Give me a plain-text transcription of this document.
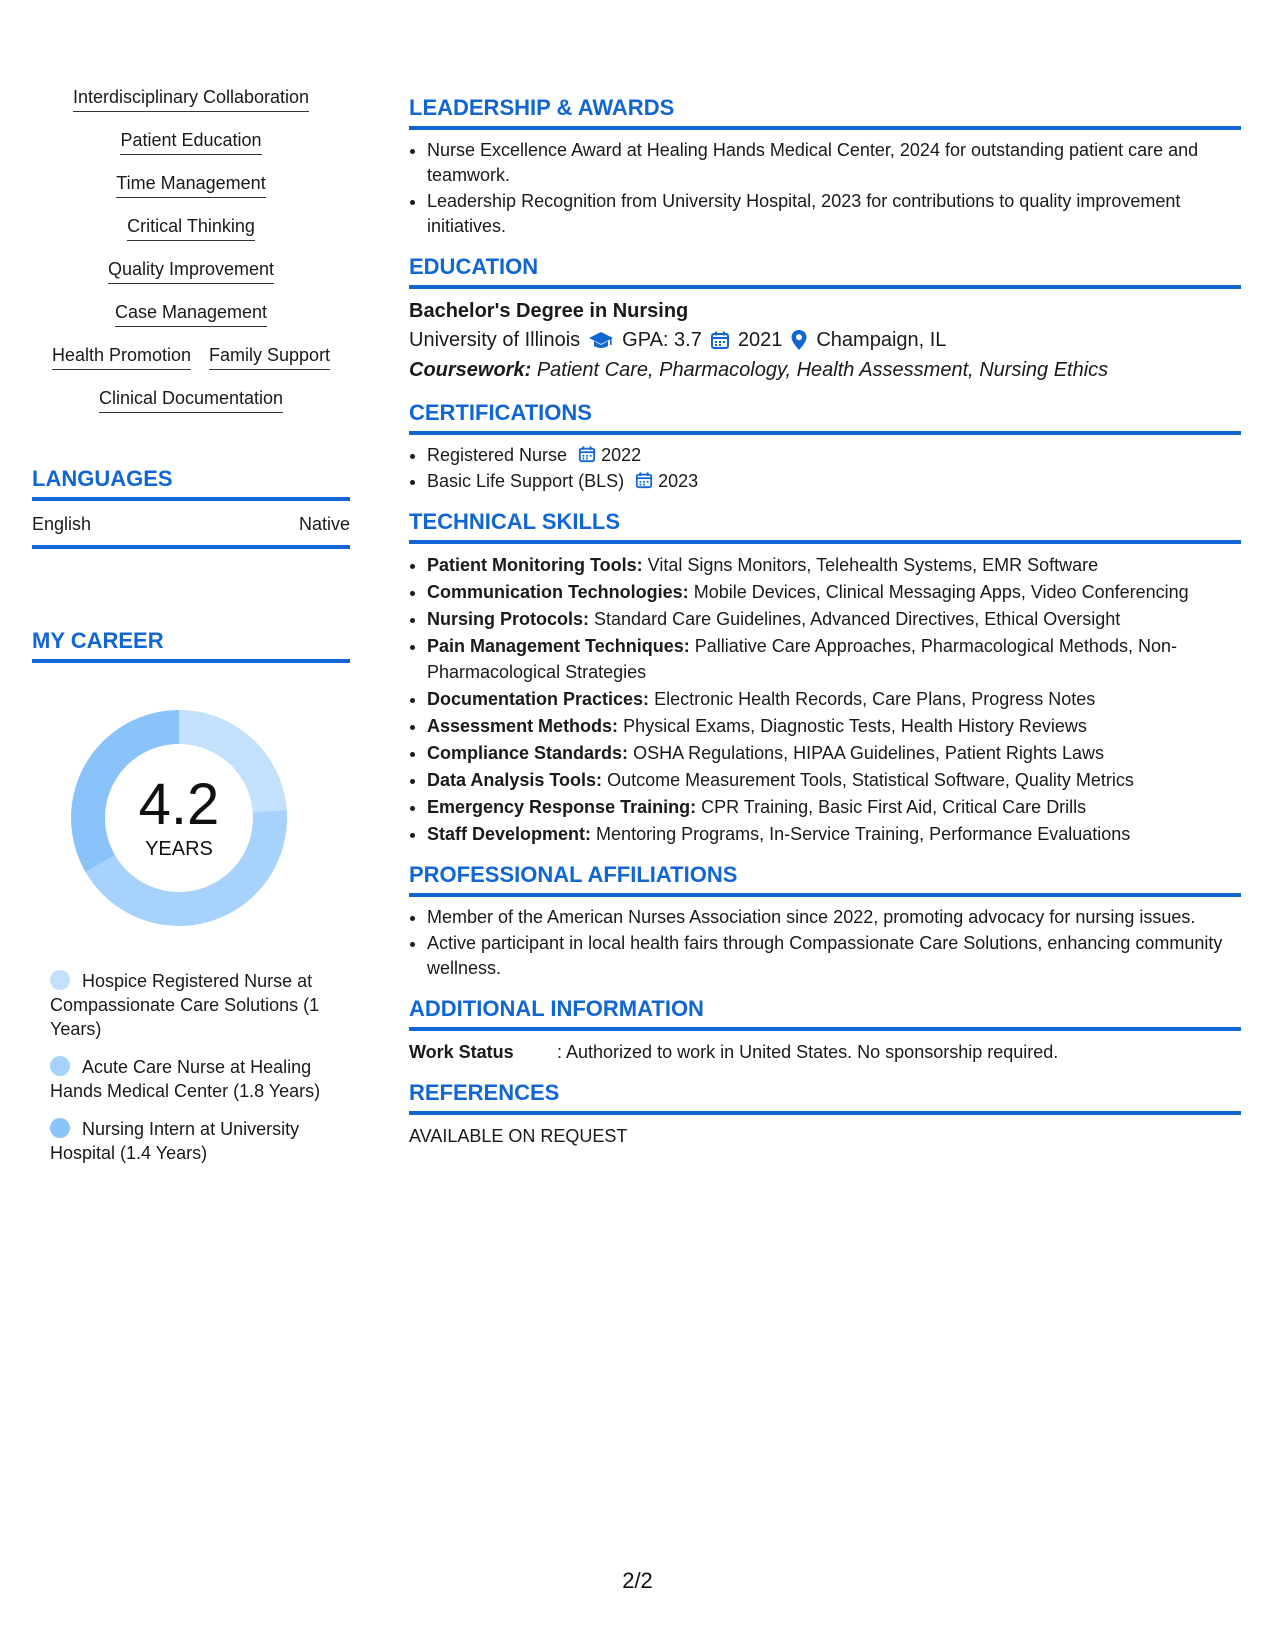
Interdisciplinary Collaboration
Patient Education
Time Management
Critical Thinking
Quality Improvement
Case Management
Health Promotion Family Support
Clinical Documentation
LANGUAGES
English	Native
MY CAREER
4.2
YEARS
Hospice Registered Nurse at Compassionate Care Solutions (1 Years)
Acute Care Nurse at Healing Hands Medical Center (1.8 Years)
Nursing Intern at University Hospital (1.4 Years)
LEADERSHIP & AWARDS
• Nurse Excellence Award at Healing Hands Medical Center, 2024 for outstanding patient care and teamwork.
• Leadership Recognition from University Hospital, 2023 for contributions to quality improvement initiatives.
EDUCATION
Bachelor's Degree in Nursing
University of Illinois GPA: 3.7 2021 Champaign, IL
Coursework: Patient Care, Pharmacology, Health Assessment, Nursing Ethics
CERTIFICATIONS
• Registered Nurse 2022
• Basic Life Support (BLS) 2023
TECHNICAL SKILLS
• Patient Monitoring Tools: Vital Signs Monitors, Telehealth Systems, EMR Software
• Communication Technologies: Mobile Devices, Clinical Messaging Apps, Video Conferencing
• Nursing Protocols: Standard Care Guidelines, Advanced Directives, Ethical Oversight
• Pain Management Techniques: Palliative Care Approaches, Pharmacological Methods, Non-Pharmacological Strategies
• Documentation Practices: Electronic Health Records, Care Plans, Progress Notes
• Assessment Methods: Physical Exams, Diagnostic Tests, Health History Reviews
• Compliance Standards: OSHA Regulations, HIPAA Guidelines, Patient Rights Laws
• Data Analysis Tools: Outcome Measurement Tools, Statistical Software, Quality Metrics
• Emergency Response Training: CPR Training, Basic First Aid, Critical Care Drills
• Staff Development: Mentoring Programs, In-Service Training, Performance Evaluations
PROFESSIONAL AFFILIATIONS
• Member of the American Nurses Association since 2022, promoting advocacy for nursing issues.
• Active participant in local health fairs through Compassionate Care Solutions, enhancing community wellness.
ADDITIONAL INFORMATION
Work Status	: Authorized to work in United States. No sponsorship required.
REFERENCES
AVAILABLE ON REQUEST
2/2
